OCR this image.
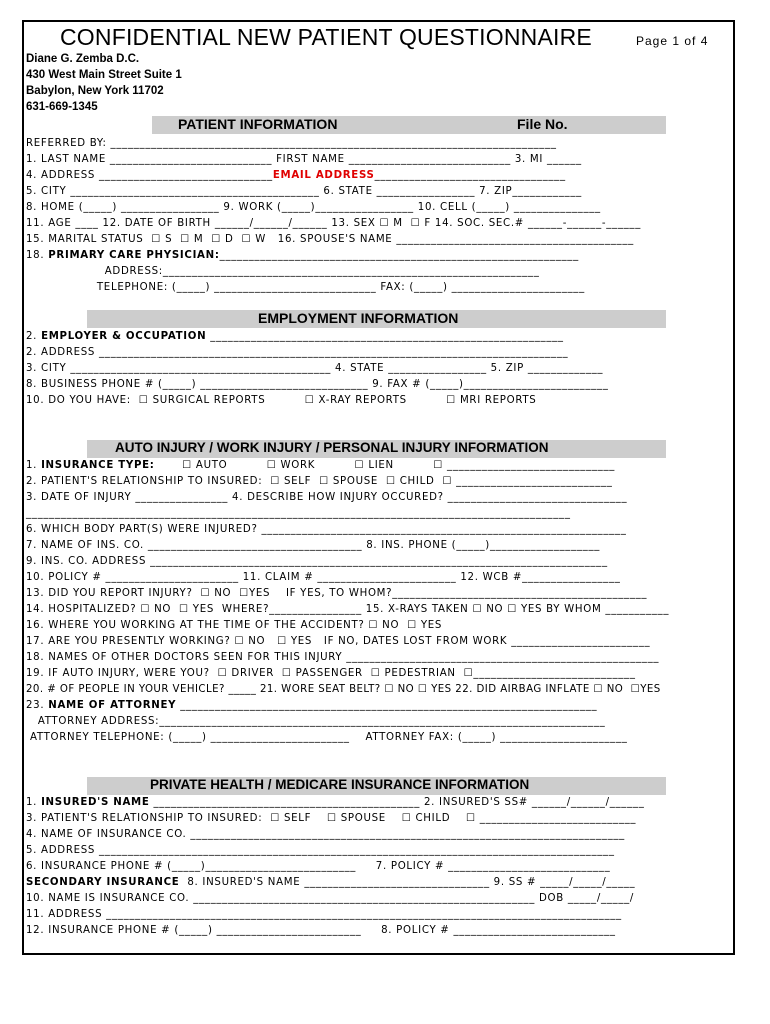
CONFIDENTIAL NEW PATIENT QUESTIONNAIRE	Page 1 of 4
Diane G. Zemba D.C.
430 West Main Street Suite 1
Babylon, New York 11702
631-669-1345
PATIENT INFORMATION	File No.
REFERRED BY: _____________________________________________________________________________
1. LAST NAME ____________________________ FIRST NAME ____________________________ 3. MI ______
4. ADDRESS ______________________________EMAIL ADDRESS_________________________________
5. CITY ___________________________________________ 6. STATE _________________ 7. ZIP____________
8. HOME (_____) _________________ 9. WORK (_____)_________________ 10. CELL (_____) _______________
11. AGE ____ 12. DATE OF BIRTH ______/______/______ 13. SEX ☐ M  ☐ F 14. SOC. SEC.# ______-______-______
15. MARITAL STATUS  ☐ S  ☐ M  ☐ D  ☐ W   16. SPOUSE'S NAME _________________________________________
18. PRIMARY CARE PHYSICIAN:______________________________________________________________
ADDRESS:_________________________________________________________________
TELEPHONE: (_____) ____________________________ FAX: (_____) _______________________
EMPLOYMENT INFORMATION
2. EMPLOYER & OCCUPATION _____________________________________________________________
2. ADDRESS _________________________________________________________________________________
3. CITY _____________________________________________ 4. STATE _________________ 5. ZIP _____________
8. BUSINESS PHONE # (_____) _____________________________ 9. FAX # (_____)_________________________
10. DO YOU HAVE:  ☐ SURGICAL REPORTS          ☐ X-RAY REPORTS          ☐ MRI REPORTS
AUTO INJURY / WORK INJURY / PERSONAL INJURY INFORMATION
1. INSURANCE TYPE:       ☐ AUTO          ☐ WORK          ☐ LIEN          ☐ _____________________________
2. PATIENT'S RELATIONSHIP TO INSURED:  ☐ SELF  ☐ SPOUSE  ☐ CHILD  ☐ ___________________________
3. DATE OF INJURY ________________ 4. DESCRIBE HOW INJURY OCCURED? _______________________________
______________________________________________________________________________________________
6. WHICH BODY PART(S) WERE INJURED? _______________________________________________________________
7. NAME OF INS. CO. _____________________________________ 8. INS. PHONE (_____)___________________
9. INS. CO. ADDRESS _______________________________________________________________________________
10. POLICY # _______________________ 11. CLAIM # ________________________ 12. WCB #_________________
13. DID YOU REPORT INJURY?  ☐ NO  ☐YES    IF YES, TO WHOM?____________________________________________
14. HOSPITALIZED? ☐ NO  ☐ YES  WHERE?________________ 15. X-RAYS TAKEN ☐ NO ☐ YES BY WHOM ___________
16. WHERE YOU WORKING AT THE TIME OF THE ACCIDENT? ☐ NO  ☐ YES
17. ARE YOU PRESENTLY WORKING? ☐ NO   ☐ YES   IF NO, DATES LOST FROM WORK ________________________
18. NAMES OF OTHER DOCTORS SEEN FOR THIS INJURY ______________________________________________________
19. IF AUTO INJURY, WERE YOU?  ☐ DRIVER  ☐ PASSENGER  ☐ PEDESTRIAN  ☐____________________________
20. # OF PEOPLE IN YOUR VEHICLE? _____ 21. WORE SEAT BELT? ☐ NO ☐ YES 22. DID AIRBAG INFLATE ☐ NO  ☐YES
23. NAME OF ATTORNEY ________________________________________________________________________
ATTORNEY ADDRESS:_____________________________________________________________________________
ATTORNEY TELEPHONE: (_____) ________________________    ATTORNEY FAX: (_____) ______________________
PRIVATE HEALTH / MEDICARE INSURANCE INFORMATION
1. INSURED'S NAME ______________________________________________ 2. INSURED'S SS# ______/______/______
3. PATIENT'S RELATIONSHIP TO INSURED:  ☐ SELF    ☐ SPOUSE    ☐ CHILD    ☐ ___________________________
4. NAME OF INSURANCE CO. ___________________________________________________________________________
5. ADDRESS _________________________________________________________________________________________
6. INSURANCE PHONE # (_____)__________________________     7. POLICY # ____________________________
SECONDARY INSURANCE  8. INSURED'S NAME ________________________________ 9. SS # _____/_____/_____
10. NAME IS INSURANCE CO. ___________________________________________________________ DOB _____/_____/
11. ADDRESS _________________________________________________________________________________________
12. INSURANCE PHONE # (_____) _________________________     8. POLICY # ____________________________
